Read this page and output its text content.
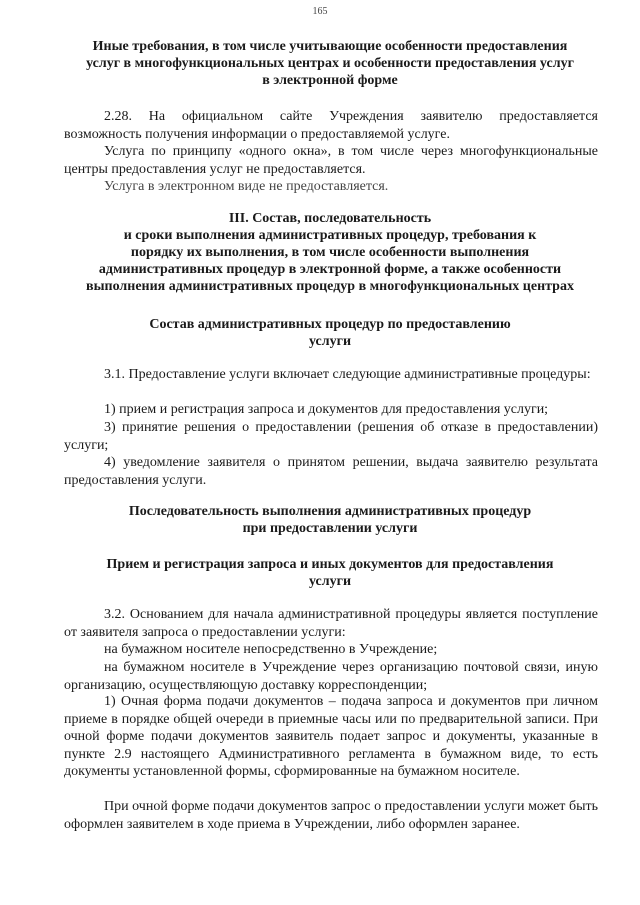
165
Иные требования, в том числе учитывающие особенности предоставления
услуг в многофункциональных центрах и особенности предоставления услуг
в электронной форме

2.28. На официальном сайте Учреждения заявителю предоставляется возможность получения информации о предоставляемой услуге.

Услуга по принципу «одного окна», в том числе через многофункциональные центры предоставления услуг не предоставляется.

Услуга в электронном виде не предоставляется.

III. Состав, последовательность
и сроки выполнения административных процедур, требования к
порядку их выполнения, в том числе особенности выполнения
административных процедур в электронной форме, а также особенности
выполнения административных процедур в многофункциональных центрах
Состав административных процедур по предоставлению
услуги

3.1. Предоставление услуги включает следующие административные процедуры:

1) прием и регистрация запроса и документов для предоставления услуги;

3) принятие решения о предоставлении (решения об отказе в предоставлении) услуги;

4) уведомление заявителя о принятом решении, выдача заявителю результата предоставления услуги.

Последовательность выполнения административных процедур
при предоставлении услуги
Прием и регистрация запроса и иных документов для предоставления
услуги

3.2. Основанием для начала административной процедуры является поступление от заявителя запроса о предоставлении услуги:

на бумажном носителе непосредственно в Учреждение;

на бумажном носителе в Учреждение через организацию почтовой связи, иную организацию, осуществляющую доставку корреспонденции;

1) Очная форма подачи документов – подача запроса и документов при личном приеме в порядке общей очереди в приемные часы или по предварительной записи. При очной форме подачи документов заявитель подает запрос и документы, указанные в пункте 2.9 настоящего Административного регламента в бумажном виде, то есть документы установленной формы, сформированные на бумажном носителе.

При очной форме подачи документов запрос о предоставлении услуги может быть оформлен заявителем в ходе приема в Учреждении, либо оформлен заранее.
